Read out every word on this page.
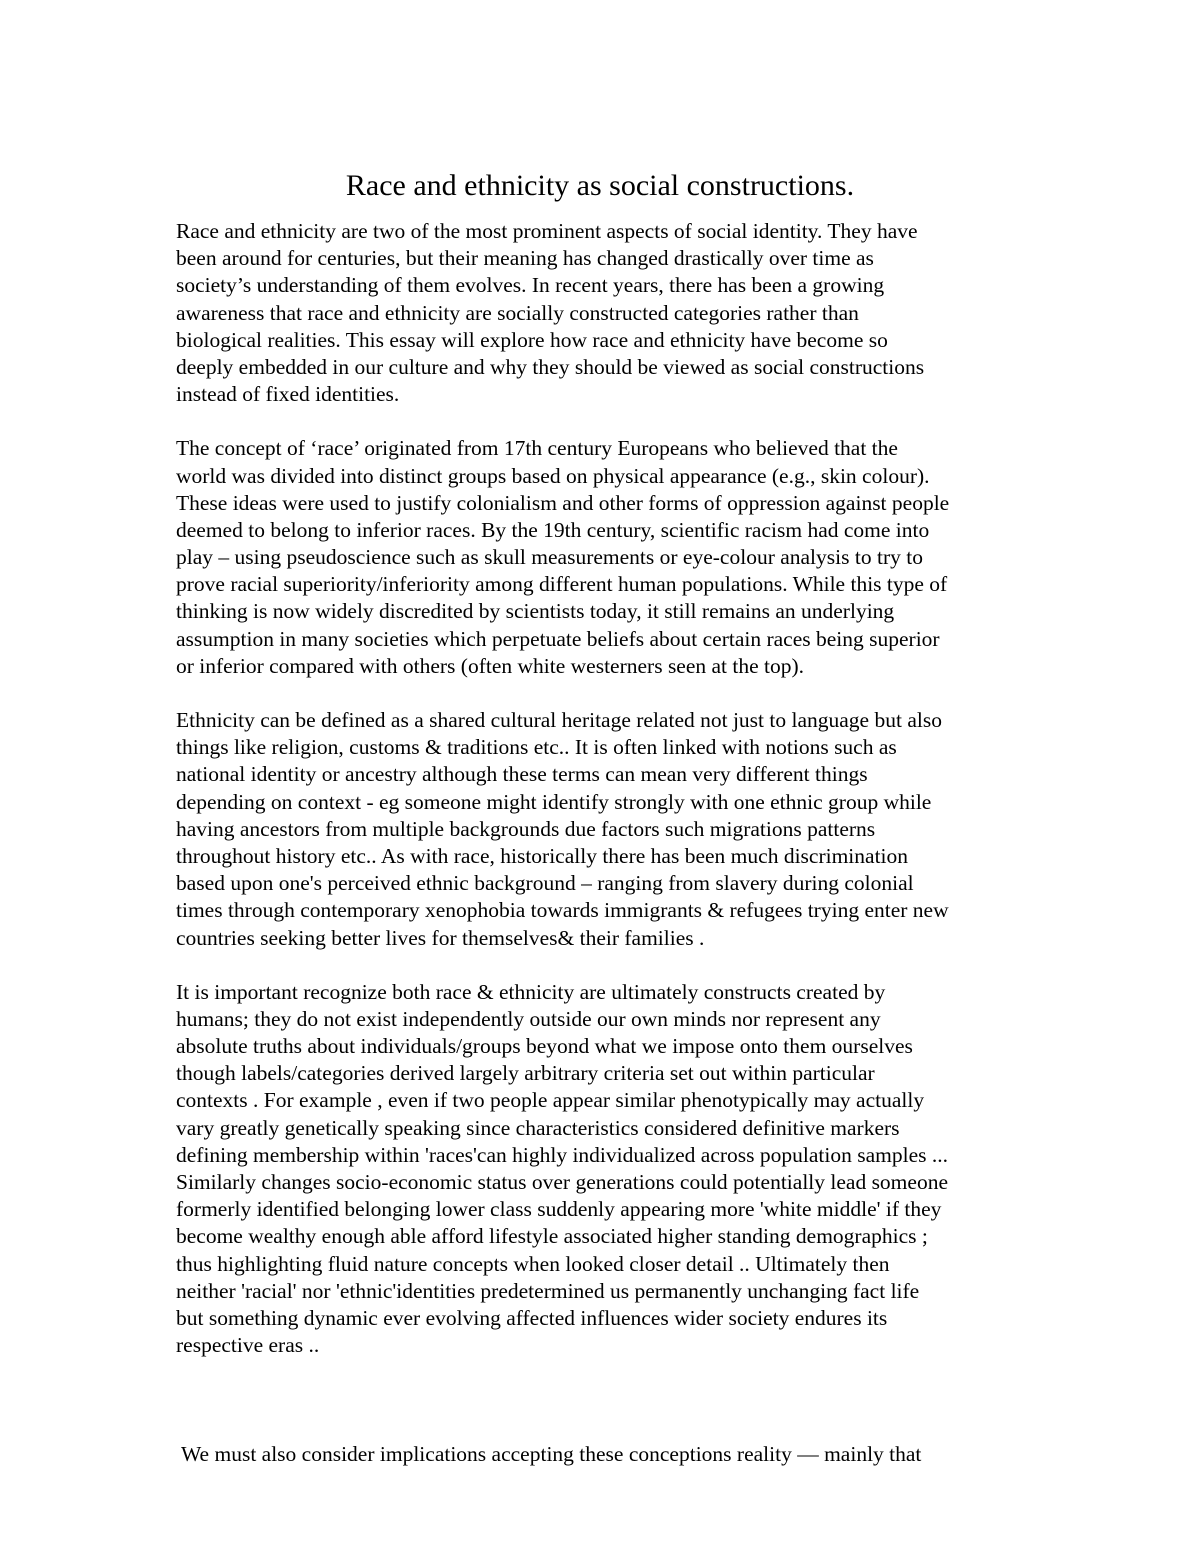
Race and ethnicity as social constructions.

Race and ethnicity are two of the most prominent aspects of social identity. They have
been around for centuries, but their meaning has changed drastically over time as
society’s understanding of them evolves. In recent years, there has been a growing
awareness that race and ethnicity are socially constructed categories rather than
biological realities. This essay will explore how race and ethnicity have become so
deeply embedded in our culture and why they should be viewed as social constructions
instead of fixed identities.

The concept of ‘race’ originated from 17th century Europeans who believed that the
world was divided into distinct groups based on physical appearance (e.g., skin colour).
These ideas were used to justify colonialism and other forms of oppression against people
deemed to belong to inferior races. By the 19th century, scientific racism had come into
play – using pseudoscience such as skull measurements or eye-colour analysis to try to
prove racial superiority/inferiority among different human populations. While this type of
thinking is now widely discredited by scientists today, it still remains an underlying
assumption in many societies which perpetuate beliefs about certain races being superior
or inferior compared with others (often white westerners seen at the top).

Ethnicity can be defined as a shared cultural heritage related not just to language but also
things like religion, customs & traditions etc.. It is often linked with notions such as
national identity or ancestry although these terms can mean very different things
depending on context - eg someone might identify strongly with one ethnic group while
having ancestors from multiple backgrounds due factors such migrations patterns
throughout history etc.. As with race, historically there has been much discrimination
based upon one's perceived ethnic background – ranging from slavery during colonial
times through contemporary xenophobia towards immigrants & refugees trying enter new
countries seeking better lives for themselves& their families .

It is important recognize both race & ethnicity are ultimately constructs created by
humans; they do not exist independently outside our own minds nor represent any
absolute truths about individuals/groups beyond what we impose onto them ourselves
though labels/categories derived largely arbitrary criteria set out within particular
contexts . For example , even if two people appear similar phenotypically may actually
vary greatly genetically speaking since characteristics considered definitive markers
defining membership within 'races'can highly individualized across population samples ...
Similarly changes socio-economic status over generations could potentially lead someone
formerly identified belonging lower class suddenly appearing more 'white middle' if they
become wealthy enough able afford lifestyle associated higher standing demographics ;
thus highlighting fluid nature concepts when looked closer detail .. Ultimately then
neither 'racial' nor 'ethnic'identities predetermined us permanently unchanging fact life
but something dynamic ever evolving affected influences wider society endures its
respective eras ..

We must also consider implications accepting these conceptions reality — mainly that
